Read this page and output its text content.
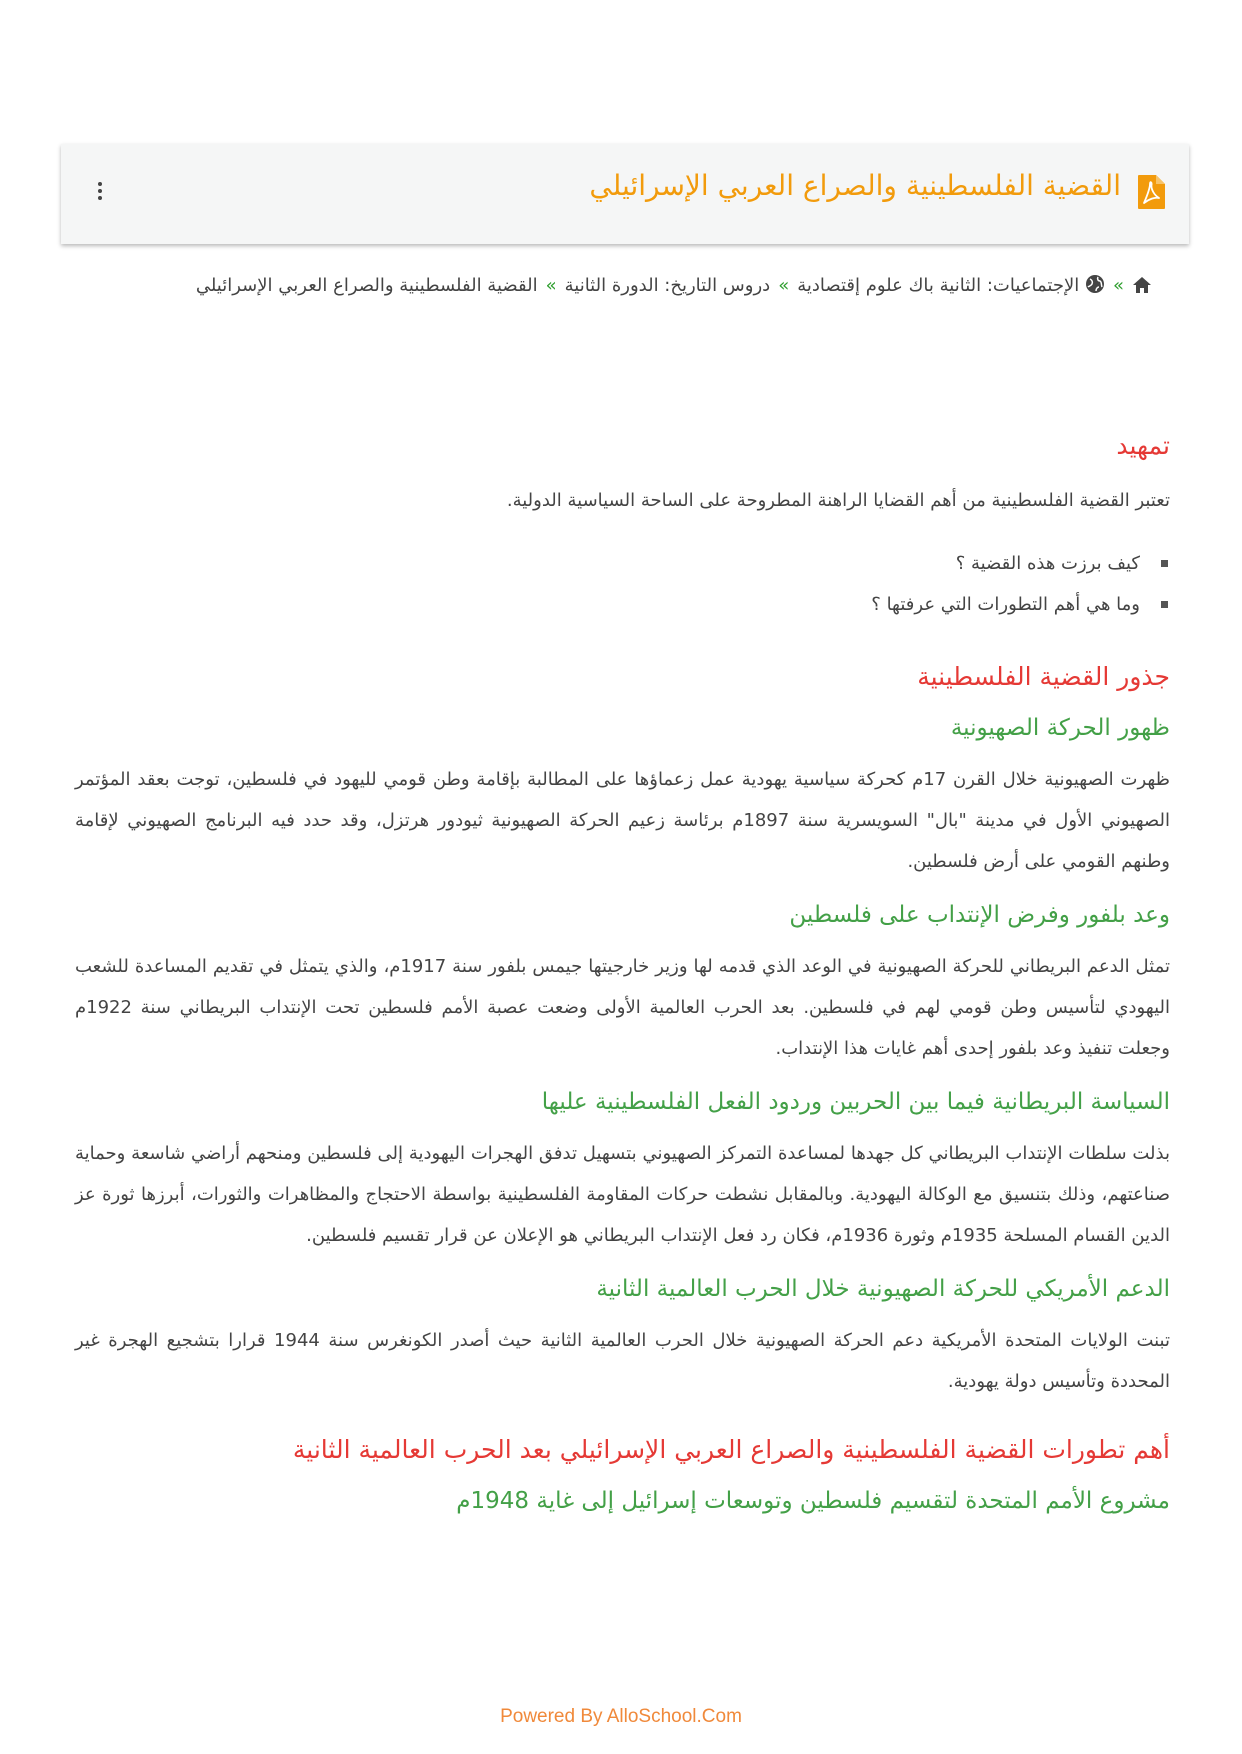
القضية الفلسطينية والصراع العربي الإسرائيلي
» الإجتماعيات: الثانية باك علوم إقتصادية»دروس التاريخ: الدورة الثانية»القضية الفلسطينية والصراع العربي الإسرائيلي
تمهيد

تعتبر القضية الفلسطينية من أهم القضايا الراهنة المطروحة على الساحة السياسية الدولية.

كيف برزت هذه القضية ؟
وما هي أهم التطورات التي عرفتها ؟
جذور القضية الفلسطينية
ظهور الحركة الصهيونية

ظهرت الصهيونية خلال القرن 17م كحركة سياسية يهودية عمل زعماؤها على المطالبة بإقامة وطن قومي لليهود في فلسطين، توجت بعقد المؤتمر الصهيوني الأول في مدينة "بال" السويسرية سنة 1897م برئاسة زعيم الحركة الصهيونية ثيودور هرتزل، وقد حدد فيه البرنامج الصهيوني لإقامة وطنهم القومي على أرض فلسطين.

وعد بلفور وفرض الإنتداب على فلسطين

تمثل الدعم البريطاني للحركة الصهيونية في الوعد الذي قدمه لها وزير خارجيتها جيمس بلفور سنة 1917م، والذي يتمثل في تقديم المساعدة للشعب اليهودي لتأسيس وطن قومي لهم في فلسطين. بعد الحرب العالمية الأولى وضعت عصبة الأمم فلسطين تحت الإنتداب البريطاني سنة 1922م وجعلت تنفيذ وعد بلفور إحدى أهم غايات هذا الإنتداب.

السياسة البريطانية فيما بين الحربين وردود الفعل الفلسطينية عليها

بذلت سلطات الإنتداب البريطاني كل جهدها لمساعدة التمركز الصهيوني بتسهيل تدفق الهجرات اليهودية إلى فلسطين ومنحهم أراضي شاسعة وحماية صناعتهم، وذلك بتنسيق مع الوكالة اليهودية. وبالمقابل نشطت حركات المقاومة الفلسطينية بواسطة الاحتجاج والمظاهرات والثورات، أبرزها ثورة عز الدين القسام المسلحة 1935م وثورة 1936م، فكان رد فعل الإنتداب البريطاني هو الإعلان عن قرار تقسيم فلسطين.

الدعم الأمريكي للحركة الصهيونية خلال الحرب العالمية الثانية

تبنت الولايات المتحدة الأمريكية دعم الحركة الصهيونية خلال الحرب العالمية الثانية حيث أصدر الكونغرس سنة 1944 قرارا بتشجيع الهجرة غير المحددة وتأسيس دولة يهودية.

أهم تطورات القضية الفلسطينية والصراع العربي الإسرائيلي بعد الحرب العالمية الثانية
مشروع الأمم المتحدة لتقسيم فلسطين وتوسعات إسرائيل إلى غاية 1948م
Powered By AlloSchool.Com
